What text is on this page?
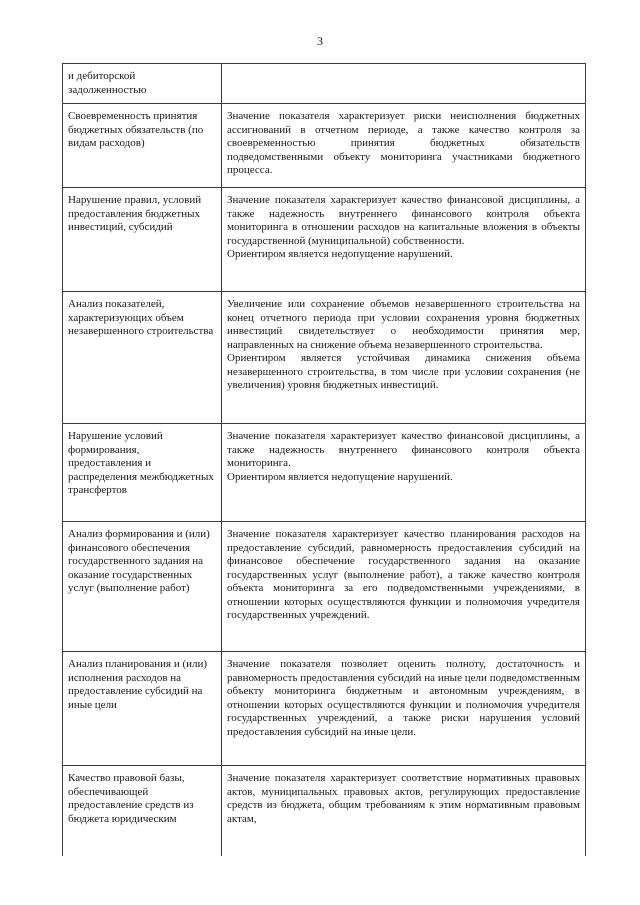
3
и дебиторской задолженностью	

Своевременность принятия бюджетных обязательств (по видам расходов)	Значение показателя характеризует риски неисполнения бюджетных ассигнований в отчетном периоде, а также качество контроля за своевременностью принятия бюджетных обязательств подведомственными объекту мониторинга участниками бюджетного процесса.

Нарушение правил, условий предоставления бюджетных инвестиций, субсидий	Значение показателя характеризует качество финансовой дисциплины, а также надежность внутреннего финансового контроля объекта мониторинга в отношении расходов на капитальные вложения в объекты государственной (муниципальной) собственности.
Ориентиром является недопущение нарушений.

Анализ показателей, характеризующих объем незавершенного строительства	Увеличение или сохранение объемов незавершенного строительства на конец отчетного периода при условии сохранения уровня бюджетных инвестиций свидетельствует о необходимости принятия мер, направленных на снижение объема незавершенного строительства.
Ориентиром является устойчивая динамика снижения объема незавершенного строительства, в том числе при условии сохранения (не увеличения) уровня бюджетных инвестиций.

Нарушение условий формирования, предоставления и распределения межбюджетных трансфертов	Значение показателя характеризует качество финансовой дисциплины, а также надежность внутреннего финансового контроля объекта мониторинга.
Ориентиром является недопущение нарушений.

Анализ формирования и (или) финансового обеспечения государственного задания на оказание государственных услуг (выполнение работ)	Значение показателя характеризует качество планирования расходов на предоставление субсидий, равномерность предоставления субсидий на финансовое обеспечение государственного задания на оказание государственных услуг (выполнение работ), а также качество контроля объекта мониторинга за его подведомственными учреждениями, в отношении которых осуществляются функции и полномочия учредителя государственных учреждений.

Анализ планирования и (или) исполнения расходов на предоставление субсидий на иные цели	Значение показателя позволяет оценить полноту, достаточность и равномерность предоставления субсидий на иные цели подведомственным объекту мониторинга бюджетным и автономным учреждениям, в отношении которых осуществляются функции и полномочия учредителя государственных учреждений, а также риски нарушения условий предоставления субсидий на иные цели.

Качество правовой базы, обеспечивающей предоставление средств из бюджета юридическим	Значение показателя характеризует соответствие нормативных правовых актов, муниципальных правовых актов, регулирующих предоставление средств из бюджета, общим требованиям к этим нормативным правовым актам,
